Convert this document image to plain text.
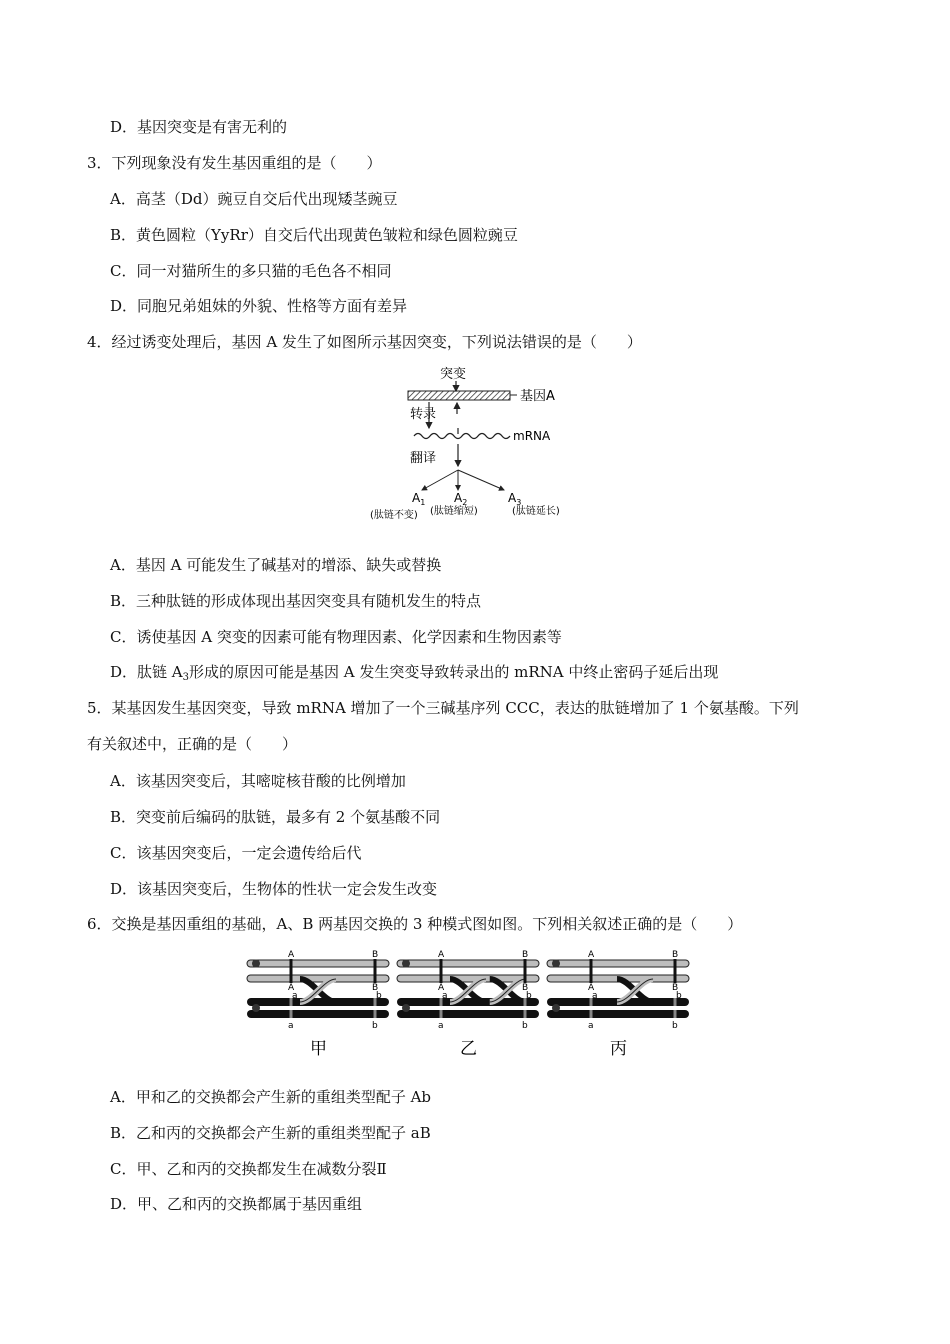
D．基因突变是有害无利的
3．下列现象没有发生基因重组的是（　　）
A．高茎（Dd）豌豆自交后代出现矮茎豌豆
B．黄色圆粒（YyRr）自交后代出现黄色皱粒和绿色圆粒豌豆
C．同一对猫所生的多只猫的毛色各不相同
D．同胞兄弟姐妹的外貌、性格等方面有差异
4．经过诱变处理后，基因 A 发生了如图所示基因突变，下列说法错误的是（　　）
突变
基因A
转录
mRNA
翻译
$A_1$ $A_2$	$A_3$
(肽链不变) (肽链缩短)	(肽链延长)
A．基因 A 可能发生了碱基对的增添、缺失或替换
B．三种肽链的形成体现出基因突变具有随机发生的特点
C．诱使基因 A 突变的因素可能有物理因素、化学因素和生物因素等
D．肽链 $A_3$形成的原因可能是基因 A 发生突变导致转录出的 mRNA 中终止密码子延后出现
5．某基因发生基因突变，导致 mRNA 增加了一个三碱基序列 CCC，表达的肽链增加了 1 个氨基酸。下列
有关叙述中，正确的是（　　）
A．该基因突变后，其嘧啶核苷酸的比例增加
B．突变前后编码的肽链，最多有 2 个氨基酸不同
C．该基因突变后，一定会遗传给后代
D．该基因突变后，生物体的性状一定会发生改变
6．交换是基因重组的基础，A、B 两基因交换的 3 种模式图如图。下列相关叙述正确的是（　　）
A	B
A
a
B
b
a	b
甲
A	B
A
a
B
b
a	b
乙
A	B
A
a
B
b
a	b
丙
A．甲和乙的交换都会产生新的重组类型配子 Ab
B．乙和丙的交换都会产生新的重组类型配子 aB
C．甲、乙和丙的交换都发生在减数分裂Ⅱ
D．甲、乙和丙的交换都属于基因重组
